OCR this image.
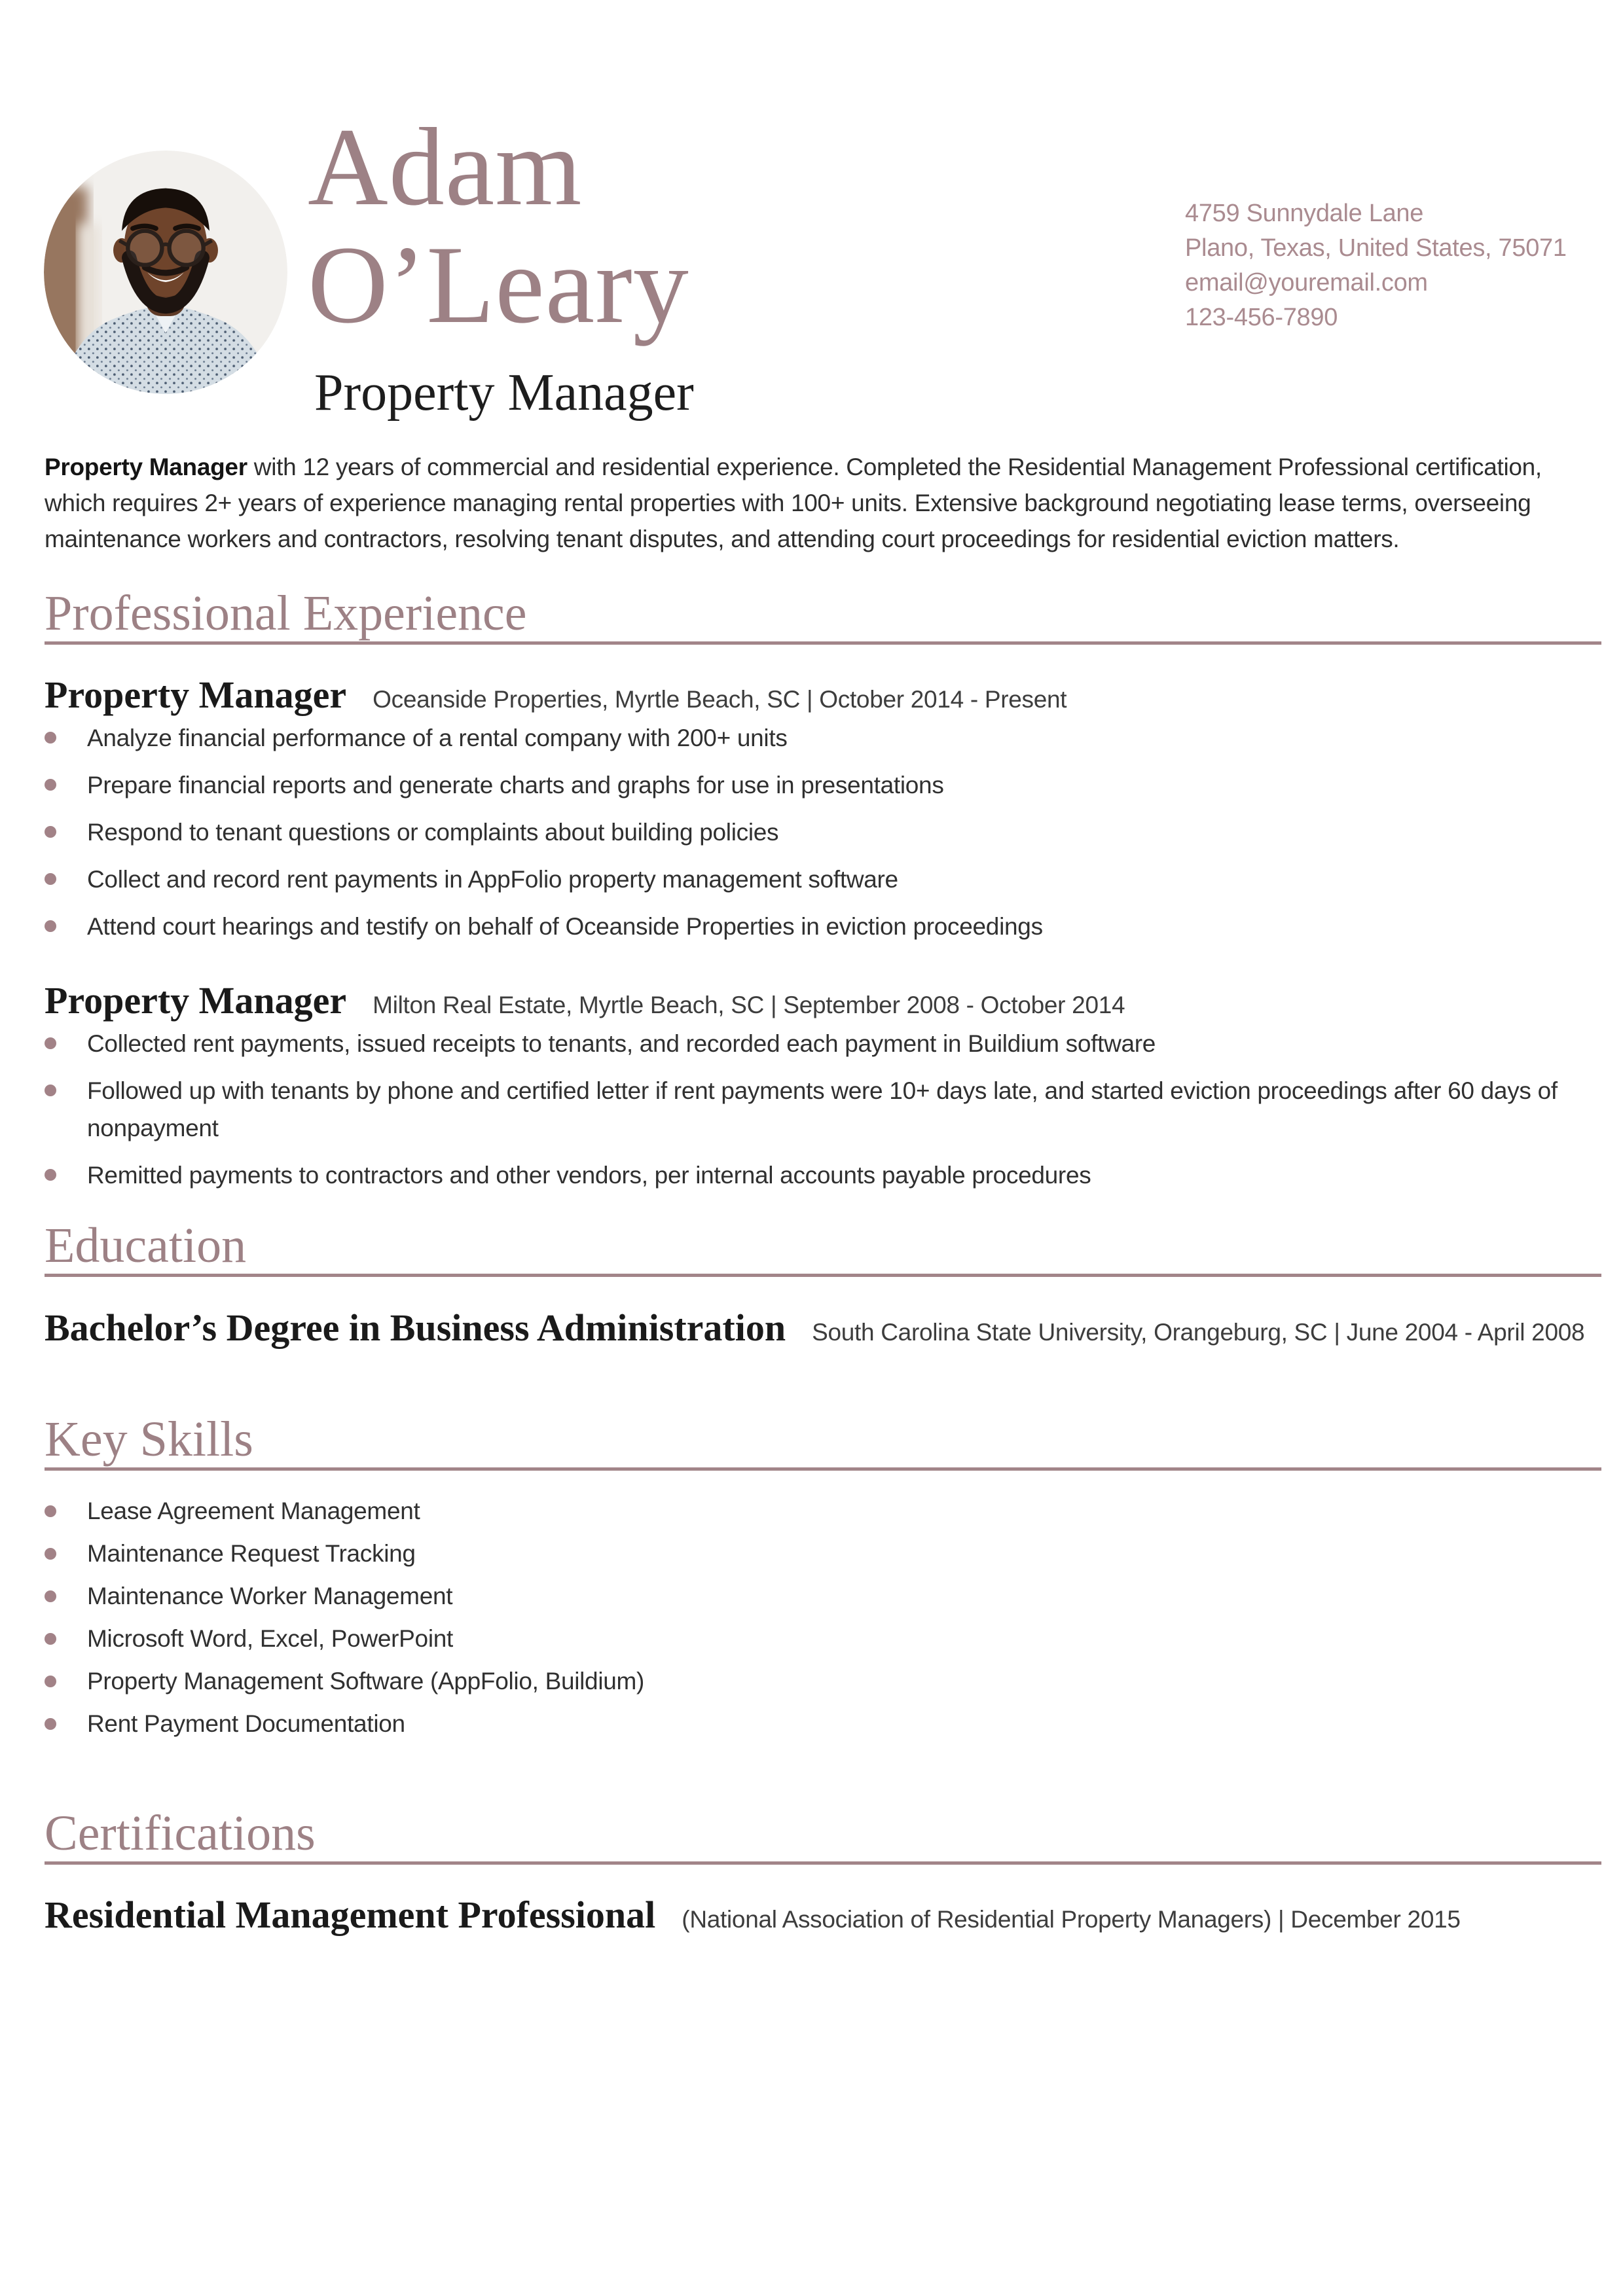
Adam
O’Leary
Property Manager
4759 Sunnydale Lane
Plano, Texas, United States, 75071
email@youremail.com
123-456-7890

Property Manager with 12 years of commercial and residential experience. Completed the Residential Management Professional certification, which requires 2+ years of experience managing rental properties with 100+ units. Extensive background negotiating lease terms, overseeing maintenance workers and contractors, resolving tenant disputes, and attending court proceedings for residential eviction matters.

Professional Experience
Property Manager Oceanside Properties, Myrtle Beach, SC | October 2014 - Present
Analyze financial performance of a rental company with 200+ units
Prepare financial reports and generate charts and graphs for use in presentations
Respond to tenant questions or complaints about building policies
Collect and record rent payments in AppFolio property management software
Attend court hearings and testify on behalf of Oceanside Properties in eviction proceedings
Property Manager Milton Real Estate, Myrtle Beach, SC | September 2008 - October 2014
Collected rent payments, issued receipts to tenants, and recorded each payment in Buildium software
Followed up with tenants by phone and certified letter if rent payments were 10+ days late, and started eviction proceedings after 60 days of nonpayment
Remitted payments to contractors and other vendors, per internal accounts payable procedures
Education
Bachelor’s Degree in Business Administration South Carolina State University, Orangeburg, SC | June 2004 - April 2008
Key Skills
Lease Agreement Management
Maintenance Request Tracking
Maintenance Worker Management
Microsoft Word, Excel, PowerPoint
Property Management Software (AppFolio, Buildium)
Rent Payment Documentation
Certifications
Residential Management Professional (National Association of Residential Property Managers) | December 2015
